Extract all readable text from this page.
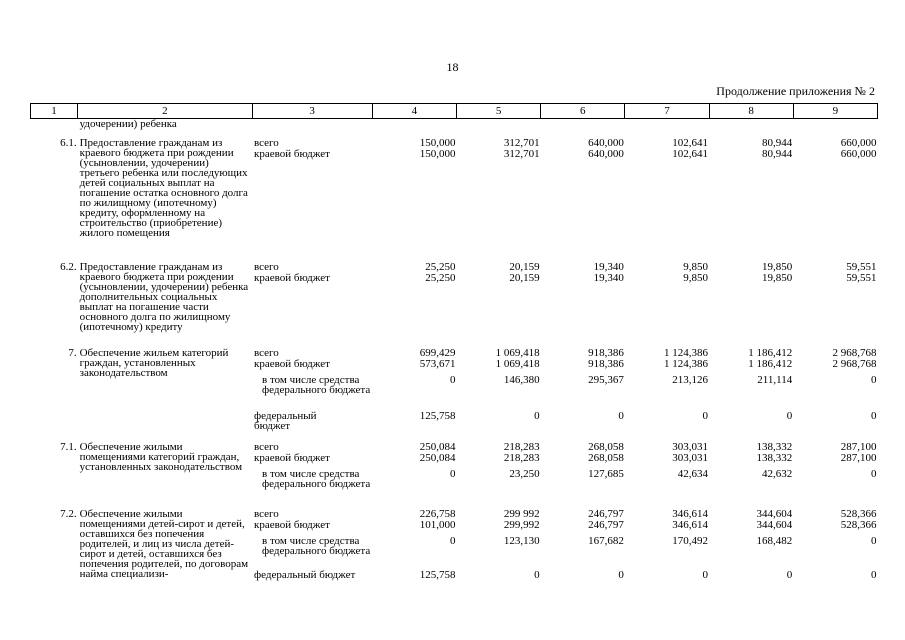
18
Продолжение приложения № 2
1	2	3	4	5	6	7	8	9
	удочерении) ребенка							
6.1.	Предоставление гражданам из краевого бюджета при рождении (усыновлении, удочерении) третьего ребенка или последующих детей социальных выплат на погашение остатка основного долга по жилищному (ипотечному) кредиту, оформленному на строительство (приобретение) жилого помещения	всего	150,000	312,701	640,000	102,641	80,944	660,000
		краевой бюджет	150,000	312,701	640,000	102,641	80,944	660,000
6.2.	Предоставление гражданам из краевого бюджета при рождении (усыновлении, удочерении) ребенка дополнительных социальных выплат на погашение части основного долга по жилищному (ипотечному) кредиту	всего	25,250	20,159	19,340	9,850	19,850	59,551
		краевой бюджет	25,250	20,159	19,340	9,850	19,850	59,551
7.	Обеспечение жильем категорий граждан, установленных законодательством	всего	699,429	1 069,418	918,386	1 124,386	1 186,412	2 968,768
		краевой бюджет	573,671	1 069,418	918,386	1 124,386	1 186,412	2 968,768
		в том числе средства федерального бюджета	0	146,380	295,367	213,126	211,114	0
		федеральный бюджет	125,758	0	0	0	0	0
7.1.	Обеспечение жилыми помещениями категорий граждан, установленных законодательством	всего	250,084	218,283	268,058	303,031	138,332	287,100
		краевой бюджет	250,084	218,283	268,058	303,031	138,332	287,100
		в том числе средства федерального бюджета	0	23,250	127,685	42,634	42,632	0
7.2.	Обеспечение жилыми помещениями детей-сирот и детей, оставшихся без попечения родителей, и лиц из числа детей-сирот и детей, оставшихся без попечения родителей, по договорам найма специализи-	всего	226,758	299 992	246,797	346,614	344,604	528,366
		краевой бюджет	101,000	299,992	246,797	346,614	344,604	528,366
		в том числе средства федерального бюджета	0	123,130	167,682	170,492	168,482	0
		федеральный бюджет	125,758	0	0	0	0	0
